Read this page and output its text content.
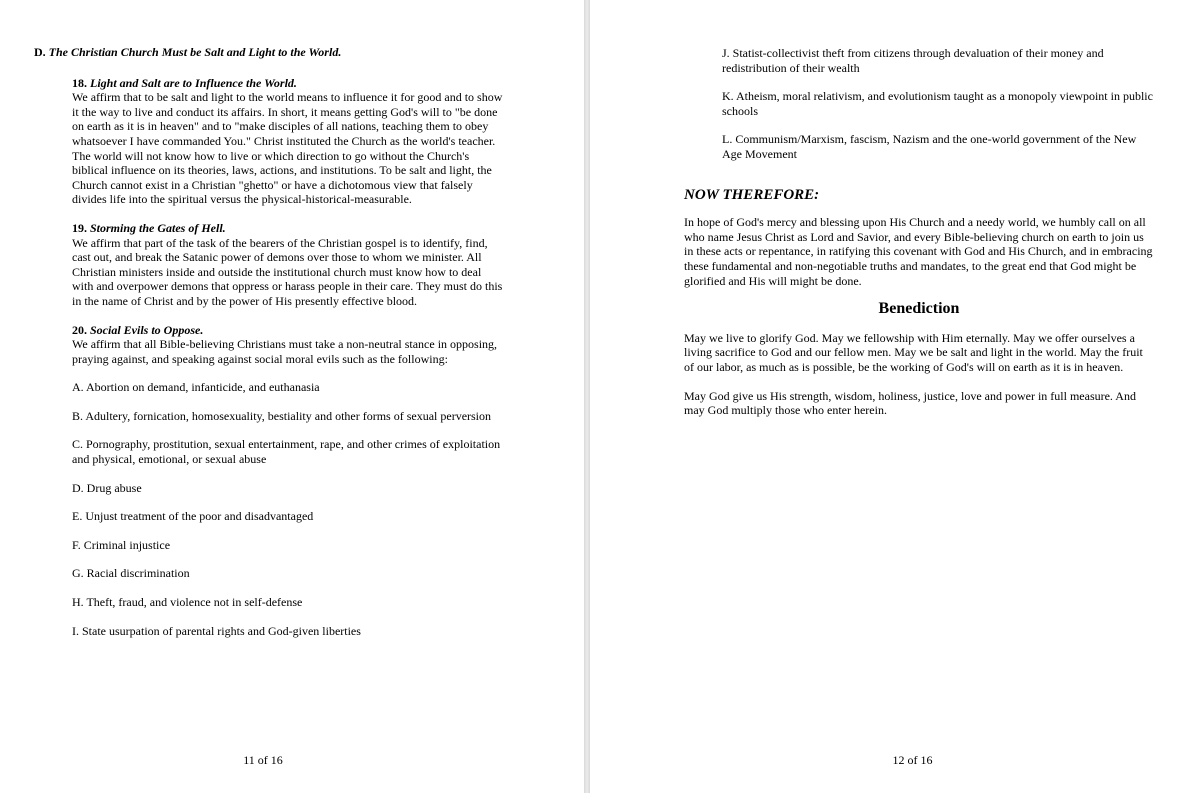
D. The Christian Church Must be Salt and Light to the World.

18. Light and Salt are to Influence the World.

We affirm that to be salt and light to the world means to influence it for good and to show it the way to live and conduct its affairs. In short, it means getting God's will to "be done on earth as it is in heaven" and to "make disciples of all nations, teaching them to obey whatsoever I have commanded You." Christ instituted the Church as the world's teacher. The world will not know how to live or which direction to go without the Church's biblical influence on its theories, laws, actions, and institutions. To be salt and light, the Church cannot exist in a Christian "ghetto" or have a dichotomous view that falsely divides life into the spiritual versus the physical-historical-measurable.

19. Storming the Gates of Hell.

We affirm that part of the task of the bearers of the Christian gospel is to identify, find, cast out, and break the Satanic power of demons over those to whom we minister. All Christian ministers inside and outside the institutional church must know how to deal with and overpower demons that oppress or harass people in their care. They must do this in the name of Christ and by the power of His presently effective blood.

20. Social Evils to Oppose.

We affirm that all Bible-believing Christians must take a non-neutral stance in opposing, praying against, and speaking against social moral evils such as the following:

A. Abortion on demand, infanticide, and euthanasia

B. Adultery, fornication, homosexuality, bestiality and other forms of sexual perversion

C. Pornography, prostitution, sexual entertainment, rape, and other crimes of exploitation and physical, emotional, or sexual abuse

D. Drug abuse

E. Unjust treatment of the poor and disadvantaged

F. Criminal injustice

G. Racial discrimination

H. Theft, fraud, and violence not in self-defense

I. State usurpation of parental rights and God-given liberties

11 of 16

J. Statist-collectivist theft from citizens through devaluation of their money and redistribution of their wealth

K. Atheism, moral relativism, and evolutionism taught as a monopoly viewpoint in public schools

L. Communism/Marxism, fascism, Nazism and the one-world government of the New Age Movement

NOW THEREFORE:

In hope of God's mercy and blessing upon His Church and a needy world, we humbly call on all who name Jesus Christ as Lord and Savior, and every Bible-believing church on earth to join us in these acts or repentance, in ratifying this covenant with God and His Church, and in embracing these fundamental and non-negotiable truths and mandates, to the great end that God might be glorified and His will might be done.

Benediction

May we live to glorify God. May we fellowship with Him eternally. May we offer ourselves a living sacrifice to God and our fellow men. May we be salt and light in the world. May the fruit of our labor, as much as is possible, be the working of God's will on earth as it is in heaven.

May God give us His strength, wisdom, holiness, justice, love and power in full measure. And may God multiply those who enter herein.

12 of 16
